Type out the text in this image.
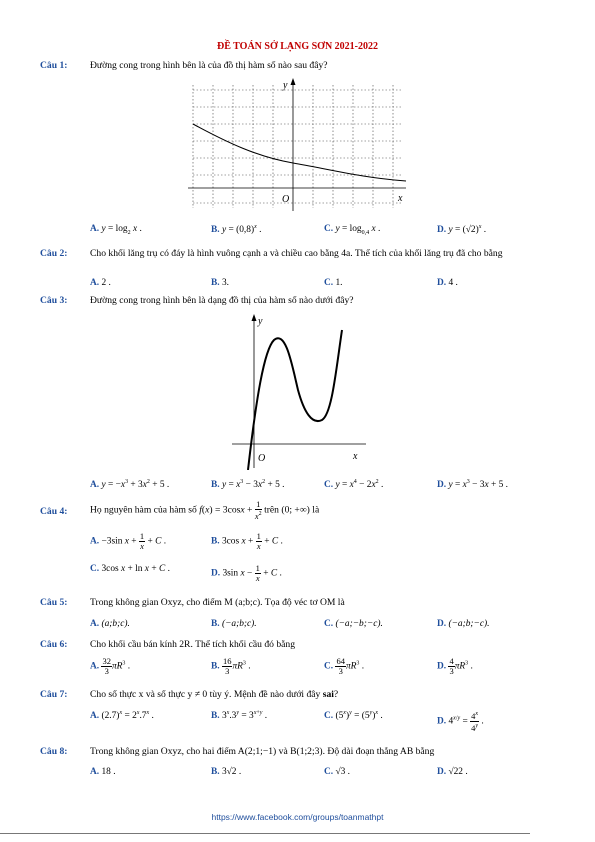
ĐỀ TOÁN SỞ LẠNG SƠN 2021-2022
Câu 1: Đường cong trong hình bên là của đồ thị hàm số nào sau đây?
y
x
O
A. $y = \log_2 x$ .	B. $y = (0,8)^x$ .	C. $y = \log_{0,4} x$ .	D. $y = (√2)^x$ .
Câu 2: Cho khối lăng trụ có đáy là hình vuông cạnh a và chiều cao bằng 4a. Thể tích của khối lăng trụ đã cho bằng
A. 2 .	B. 3.	C. 1.	D. 4 .
Câu 3: Đường cong trong hình bên là dạng đồ thị của hàm số nào dưới đây?
y
x
O
A. $y = -x^3 + 3x^2 + 5$ .	B. $y = x^3 - 3x^2 + 5$ .	C. $y = x^4 - 2x^2$ .	D. $y = x^3 - 3x + 5$ .
Câu 4: Họ nguyên hàm của hàm số $f(x) = 3\cos x + \frac{1}{x^2}$ trên (0; +∞) là
A. −3sin $x + \frac{1}{x} + C$ .	B. 3cos $x + \frac{1}{x} + C$ .
C. 3cos x + ln x + C .	D. 3sin $x - \frac{1}{x} + C$ .
Câu 5: Trong không gian Oxyz, cho điểm M (a;b;c). Tọa độ véc tơ OM là
A. (a;b;c).	B. (−a;b;c).	C. (−a;−b;−c).	D. (−a;b;−c).
Câu 6: Cho khối cầu bán kính 2R. Thể tích khối cầu đó bằng
A. $\frac{32}{3} \pi R^3$ .	B. $\frac{16}{3} \pi R^3$ .	C. $\frac{64}{3} \pi R^3$ .	D. $\frac{4}{3} \pi R^3$ .
Câu 7: Cho số thực x và số thực y ≠ 0 tùy ý. Mệnh đề nào dưới đây sai?
A. $(2.7)^x = 2^x.7^x$ .	B. $3^x.3^y = 3^{x+y}$ .	C. $(5^x)^y = (5^y)^x$ .
D. $4^{x/y} = \frac{4^x}{4^y}$ .
Câu 8: Trong không gian Oxyz, cho hai điểm A(2;1;−1) và B(1;2;3). Độ dài đoạn thẳng AB bằng
A. 18 .	B. 3√2 .	C. √3 .	D. √22 .
https://www.facebook.com/groups/toanmathpt
